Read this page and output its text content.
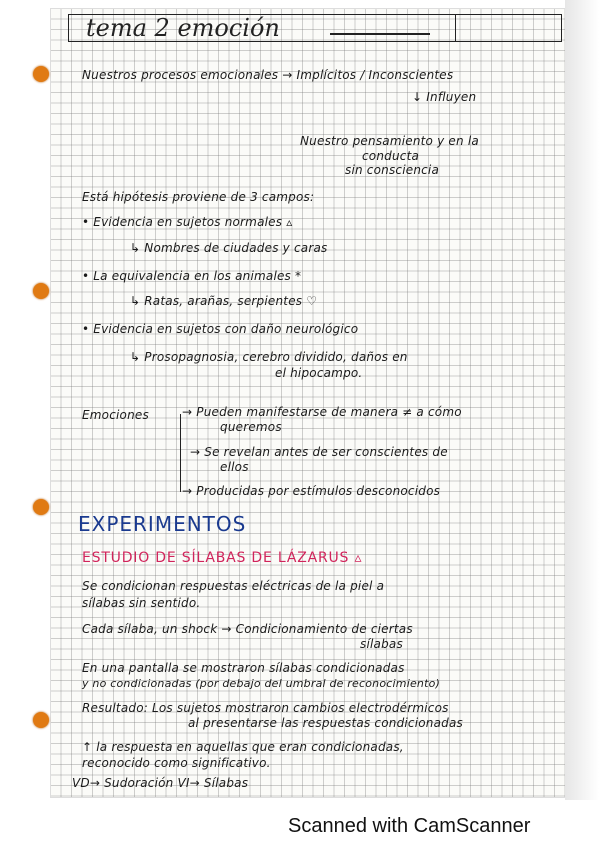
tema 2 emoción
Nuestros procesos emocionales → Implícitos / Inconscientes
↓ Influyen
Nuestro pensamiento y en la
conducta
sin consciencia
Está hipótesis proviene de 3 campos:
• Evidencia en sujetos normales ▵
↳ Nombres de ciudades y caras
• La equivalencia en los animales *
↳ Ratas, arañas, serpientes ♡
• Evidencia en sujetos con daño neurológico
↳ Prosopagnosia, cerebro dividido, daños en
el hipocampo.
Emociones	→ Pueden manifestarse de manera ≠ a cómo
queremos
→ Se revelan antes de ser conscientes de
ellos
→ Producidas por estímulos desconocidos
EXPERIMENTOS
ESTUDIO DE SÍLABAS DE LÁZARUS ▵
Se condicionan respuestas eléctricas de la piel a
sílabas sin sentido.
Cada sílaba, un shock → Condicionamiento de ciertas
sílabas
En una pantalla se mostraron sílabas condicionadas
y no condicionadas (por debajo del umbral de reconocimiento)
Resultado: Los sujetos mostraron cambios electrodérmicos
al presentarse las respuestas condicionadas
↑ la respuesta en aquellas que eran condicionadas,
reconocido como significativo.
VD→ Sudoración VI→ Sílabas
Scanned with CamScanner
